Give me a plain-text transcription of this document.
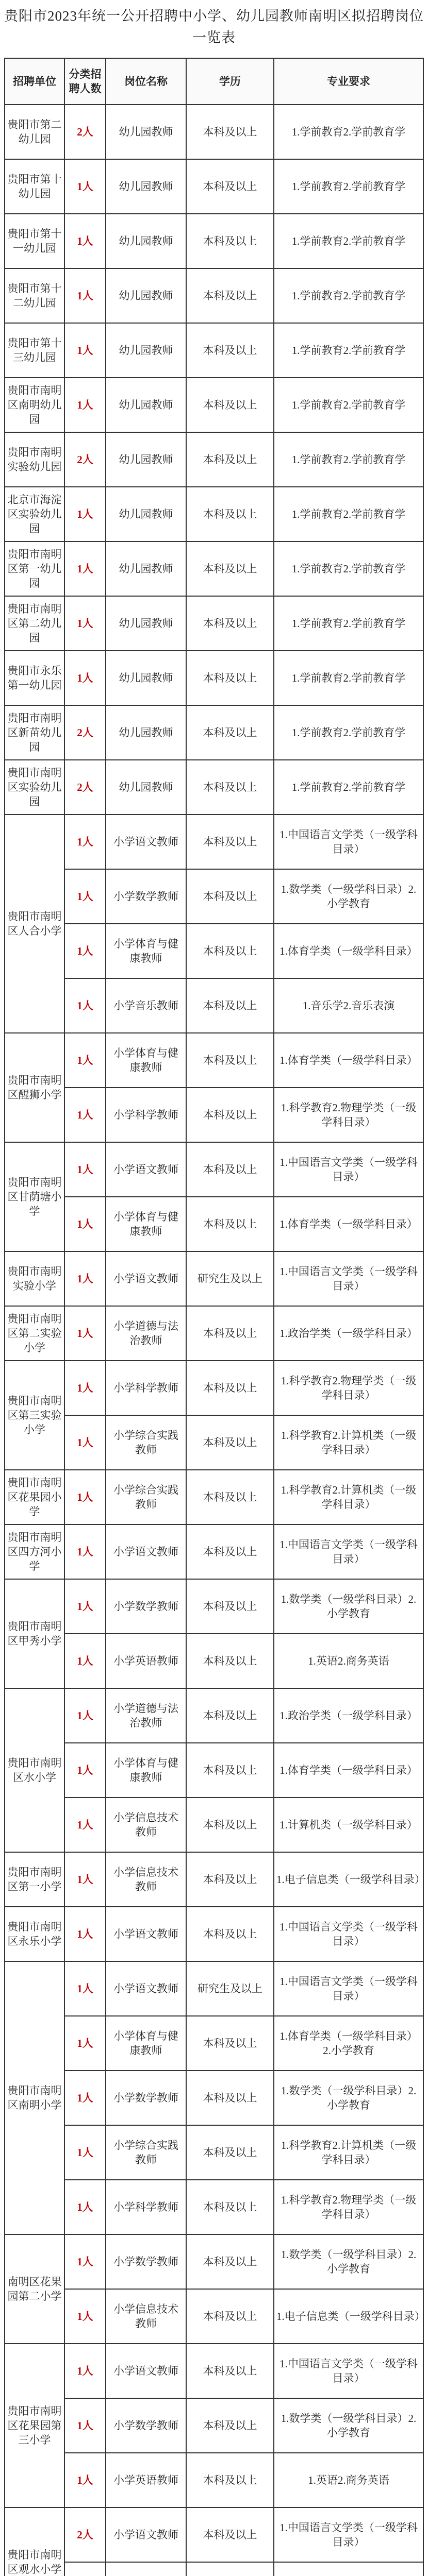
贵阳市2023年统一公开招聘中小学、幼儿园教师南明区拟招聘岗位一览表
招聘单位	分类招聘人数	岗位名称	学历	专业要求
贵阳市第二幼儿园	2人	幼儿园教师	本科及以上	1.学前教育2.学前教育学
贵阳市第十幼儿园	1人	幼儿园教师	本科及以上	1.学前教育2.学前教育学
贵阳市第十一幼儿园	1人	幼儿园教师	本科及以上	1.学前教育2.学前教育学
贵阳市第十二幼儿园	1人	幼儿园教师	本科及以上	1.学前教育2.学前教育学
贵阳市第十三幼儿园	1人	幼儿园教师	本科及以上	1.学前教育2.学前教育学
贵阳市南明区南明幼儿园	1人	幼儿园教师	本科及以上	1.学前教育2.学前教育学
贵阳市南明实验幼儿园	2人	幼儿园教师	本科及以上	1.学前教育2.学前教育学
北京市海淀区实验幼儿园	1人	幼儿园教师	本科及以上	1.学前教育2.学前教育学
贵阳市南明区第一幼儿园	1人	幼儿园教师	本科及以上	1.学前教育2.学前教育学
贵阳市南明区第二幼儿园	1人	幼儿园教师	本科及以上	1.学前教育2.学前教育学
贵阳市永乐第一幼儿园	1人	幼儿园教师	本科及以上	1.学前教育2.学前教育学
贵阳市南明区新苗幼儿园	2人	幼儿园教师	本科及以上	1.学前教育2.学前教育学
贵阳市南明区实验幼儿园	2人	幼儿园教师	本科及以上	1.学前教育2.学前教育学
贵阳市南明区人合小学	1人	小学语文教师	本科及以上	1.中国语言文学类（一级学科目录）
	1人	小学数学教师	本科及以上	1.数学类（一级学科目录）2.小学教育
	1人	小学体育与健康教师	本科及以上	1.体育学类（一级学科目录）
	1人	小学音乐教师	本科及以上	1.音乐学2.音乐表演
贵阳市南明区醒狮小学	1人	小学体育与健康教师	本科及以上	1.体育学类（一级学科目录）
	1人	小学科学教师	本科及以上	1.科学教育2.物理学类（一级学科目录）
贵阳市南明区甘荫塘小学	1人	小学语文教师	本科及以上	1.中国语言文学类（一级学科目录）
	1人	小学体育与健康教师	本科及以上	1.体育学类（一级学科目录）
贵阳市南明实验小学	1人	小学语文教师	研究生及以上	1.中国语言文学类（一级学科目录）
贵阳市南明区第二实验小学	1人	小学道德与法治教师	本科及以上	1.政治学类（一级学科目录）
贵阳市南明区第三实验小学	1人	小学科学教师	本科及以上	1.科学教育2.物理学类（一级学科目录）
	1人	小学综合实践教师	本科及以上	1.科学教育2.计算机类（一级学科目录）
贵阳市南明区花果园小学	1人	小学综合实践教师	本科及以上	1.科学教育2.计算机类（一级学科目录）
贵阳市南明区四方河小学	1人	小学语文教师	本科及以上	1.中国语言文学类（一级学科目录）
贵阳市南明区甲秀小学	1人	小学数学教师	本科及以上	1.数学类（一级学科目录）2.小学教育
	1人	小学英语教师	本科及以上	1.英语2.商务英语
贵阳市南明区水小学	1人	小学道德与法治教师	本科及以上	1.政治学类（一级学科目录）
	1人	小学体育与健康教师	本科及以上	1.体育学类（一级学科目录）
	1人	小学信息技术教师	本科及以上	1.计算机类（一级学科目录）
贵阳市南明区第一小学	1人	小学信息技术教师	本科及以上	1.电子信息类（一级学科目录）
贵阳市南明区永乐小学	1人	小学语文教师	本科及以上	1.中国语言文学类（一级学科目录）
贵阳市南明区南明小学	1人	小学语文教师	研究生及以上	1.中国语言文学类（一级学科目录）
	1人	小学体育与健康教师	本科及以上	1.体育学类（一级学科目录）2.小学教育
	1人	小学数学教师	本科及以上	1.数学类（一级学科目录）2.小学教育
	1人	小学综合实践教师	本科及以上	1.科学教育2.计算机类（一级学科目录）
	1人	小学科学教师	本科及以上	1.科学教育2.物理学类（一级学科目录）
南明区花果园第二小学	1人	小学数学教师	本科及以上	1.数学类（一级学科目录）2.小学教育
	1人	小学信息技术教师	本科及以上	1.电子信息类（一级学科目录）
贵阳市南明区花果园第三小学	1人	小学语文教师	本科及以上	1.中国语言文学类（一级学科目录）
	1人	小学数学教师	本科及以上	1.数学类（一级学科目录）2.小学教育
	1人	小学英语教师	本科及以上	1.英语2.商务英语
贵阳市南明区观水小学	2人	小学语文教师	本科及以上	1.中国语言文学类（一级学科目录）
